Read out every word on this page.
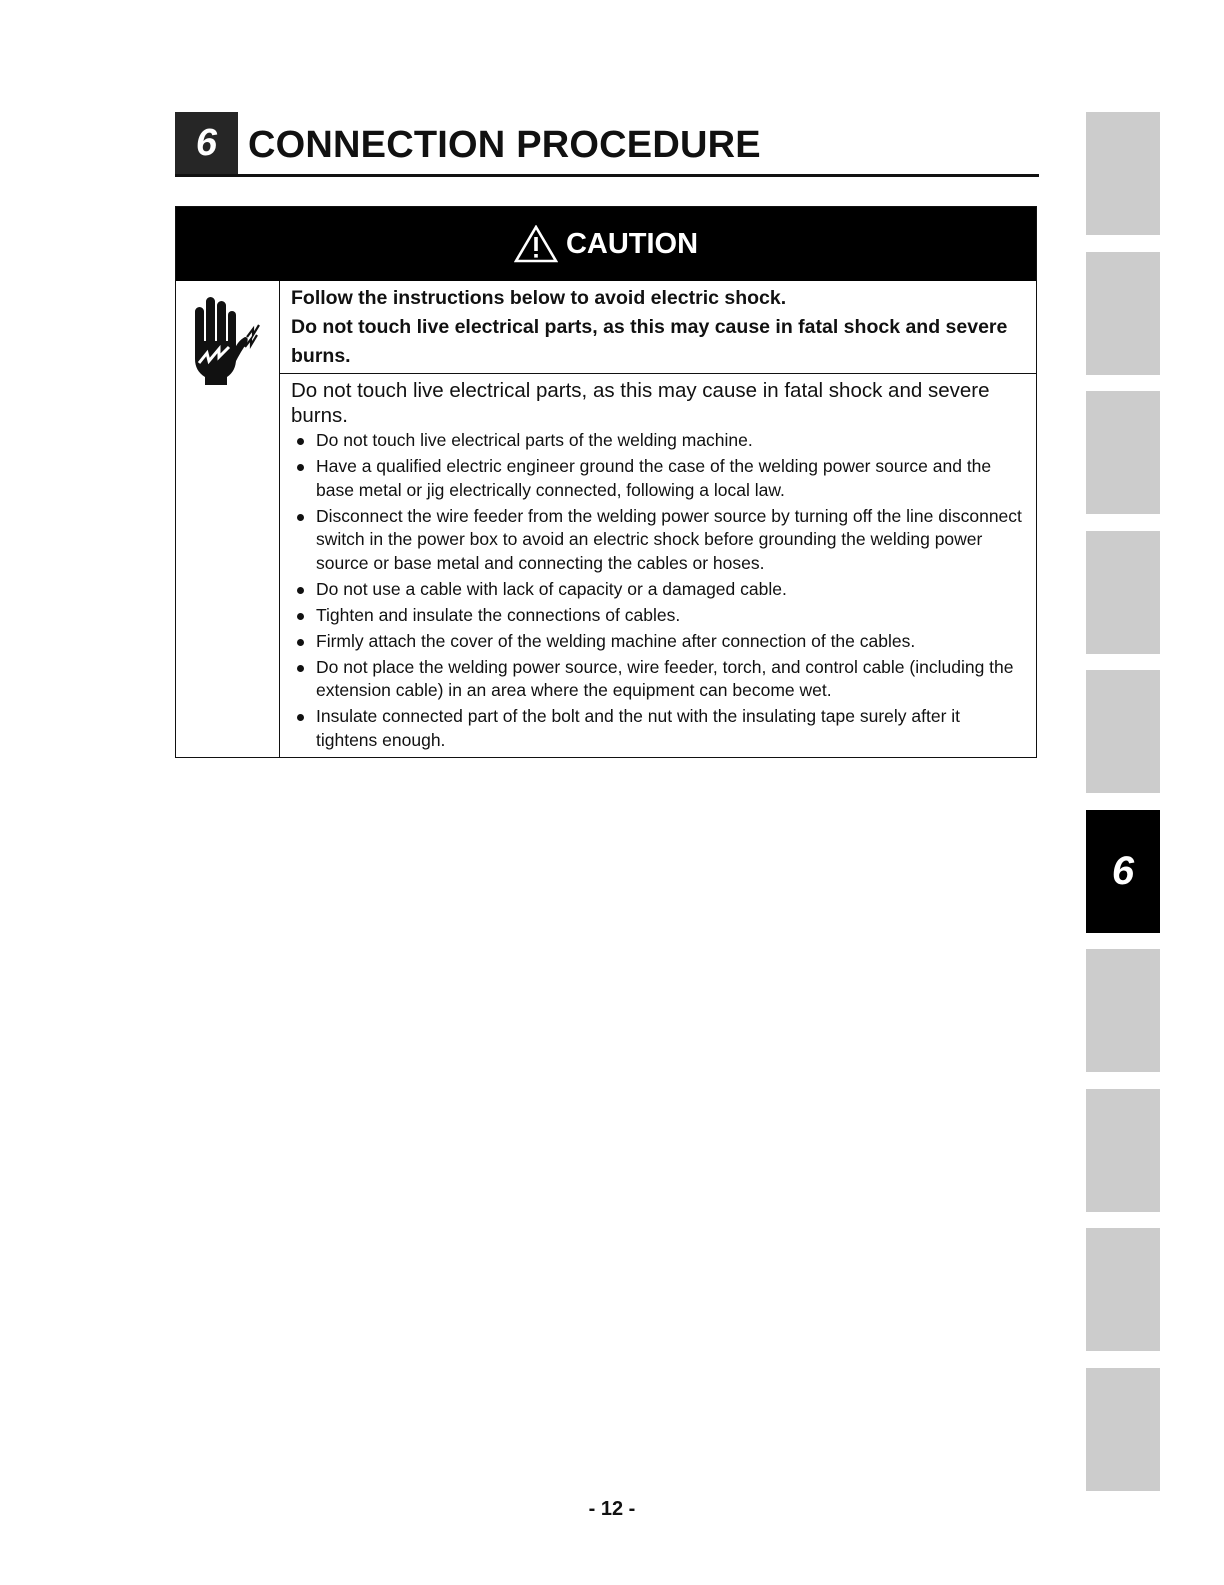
6 CONNECTION PROCEDURE
CAUTION

Follow the instructions below to avoid electric shock.

Do not touch live electrical parts, as this may cause in fatal shock and severe burns.

Do not touch live electrical parts, as this may cause in fatal shock and severe burns.

Do not touch live electrical parts of the welding machine.
Have a qualified electric engineer ground the case of the welding power source and the base metal or jig electrically connected, following a local law.
Disconnect the wire feeder from the welding power source by turning off the line disconnect switch in the power box to avoid an electric shock before grounding the welding power source or base metal and connecting the cables or hoses.
Do not use a cable with lack of capacity or a damaged cable.
Tighten and insulate the connections of cables.
Firmly attach the cover of the welding machine after connection of the cables.
Do not place the welding power source, wire feeder, torch, and control cable (including the extension cable) in an area where the equipment can become wet.
Insulate connected part of the bolt and the nut with the insulating tape surely after it tightens enough.
6
- 12 -
